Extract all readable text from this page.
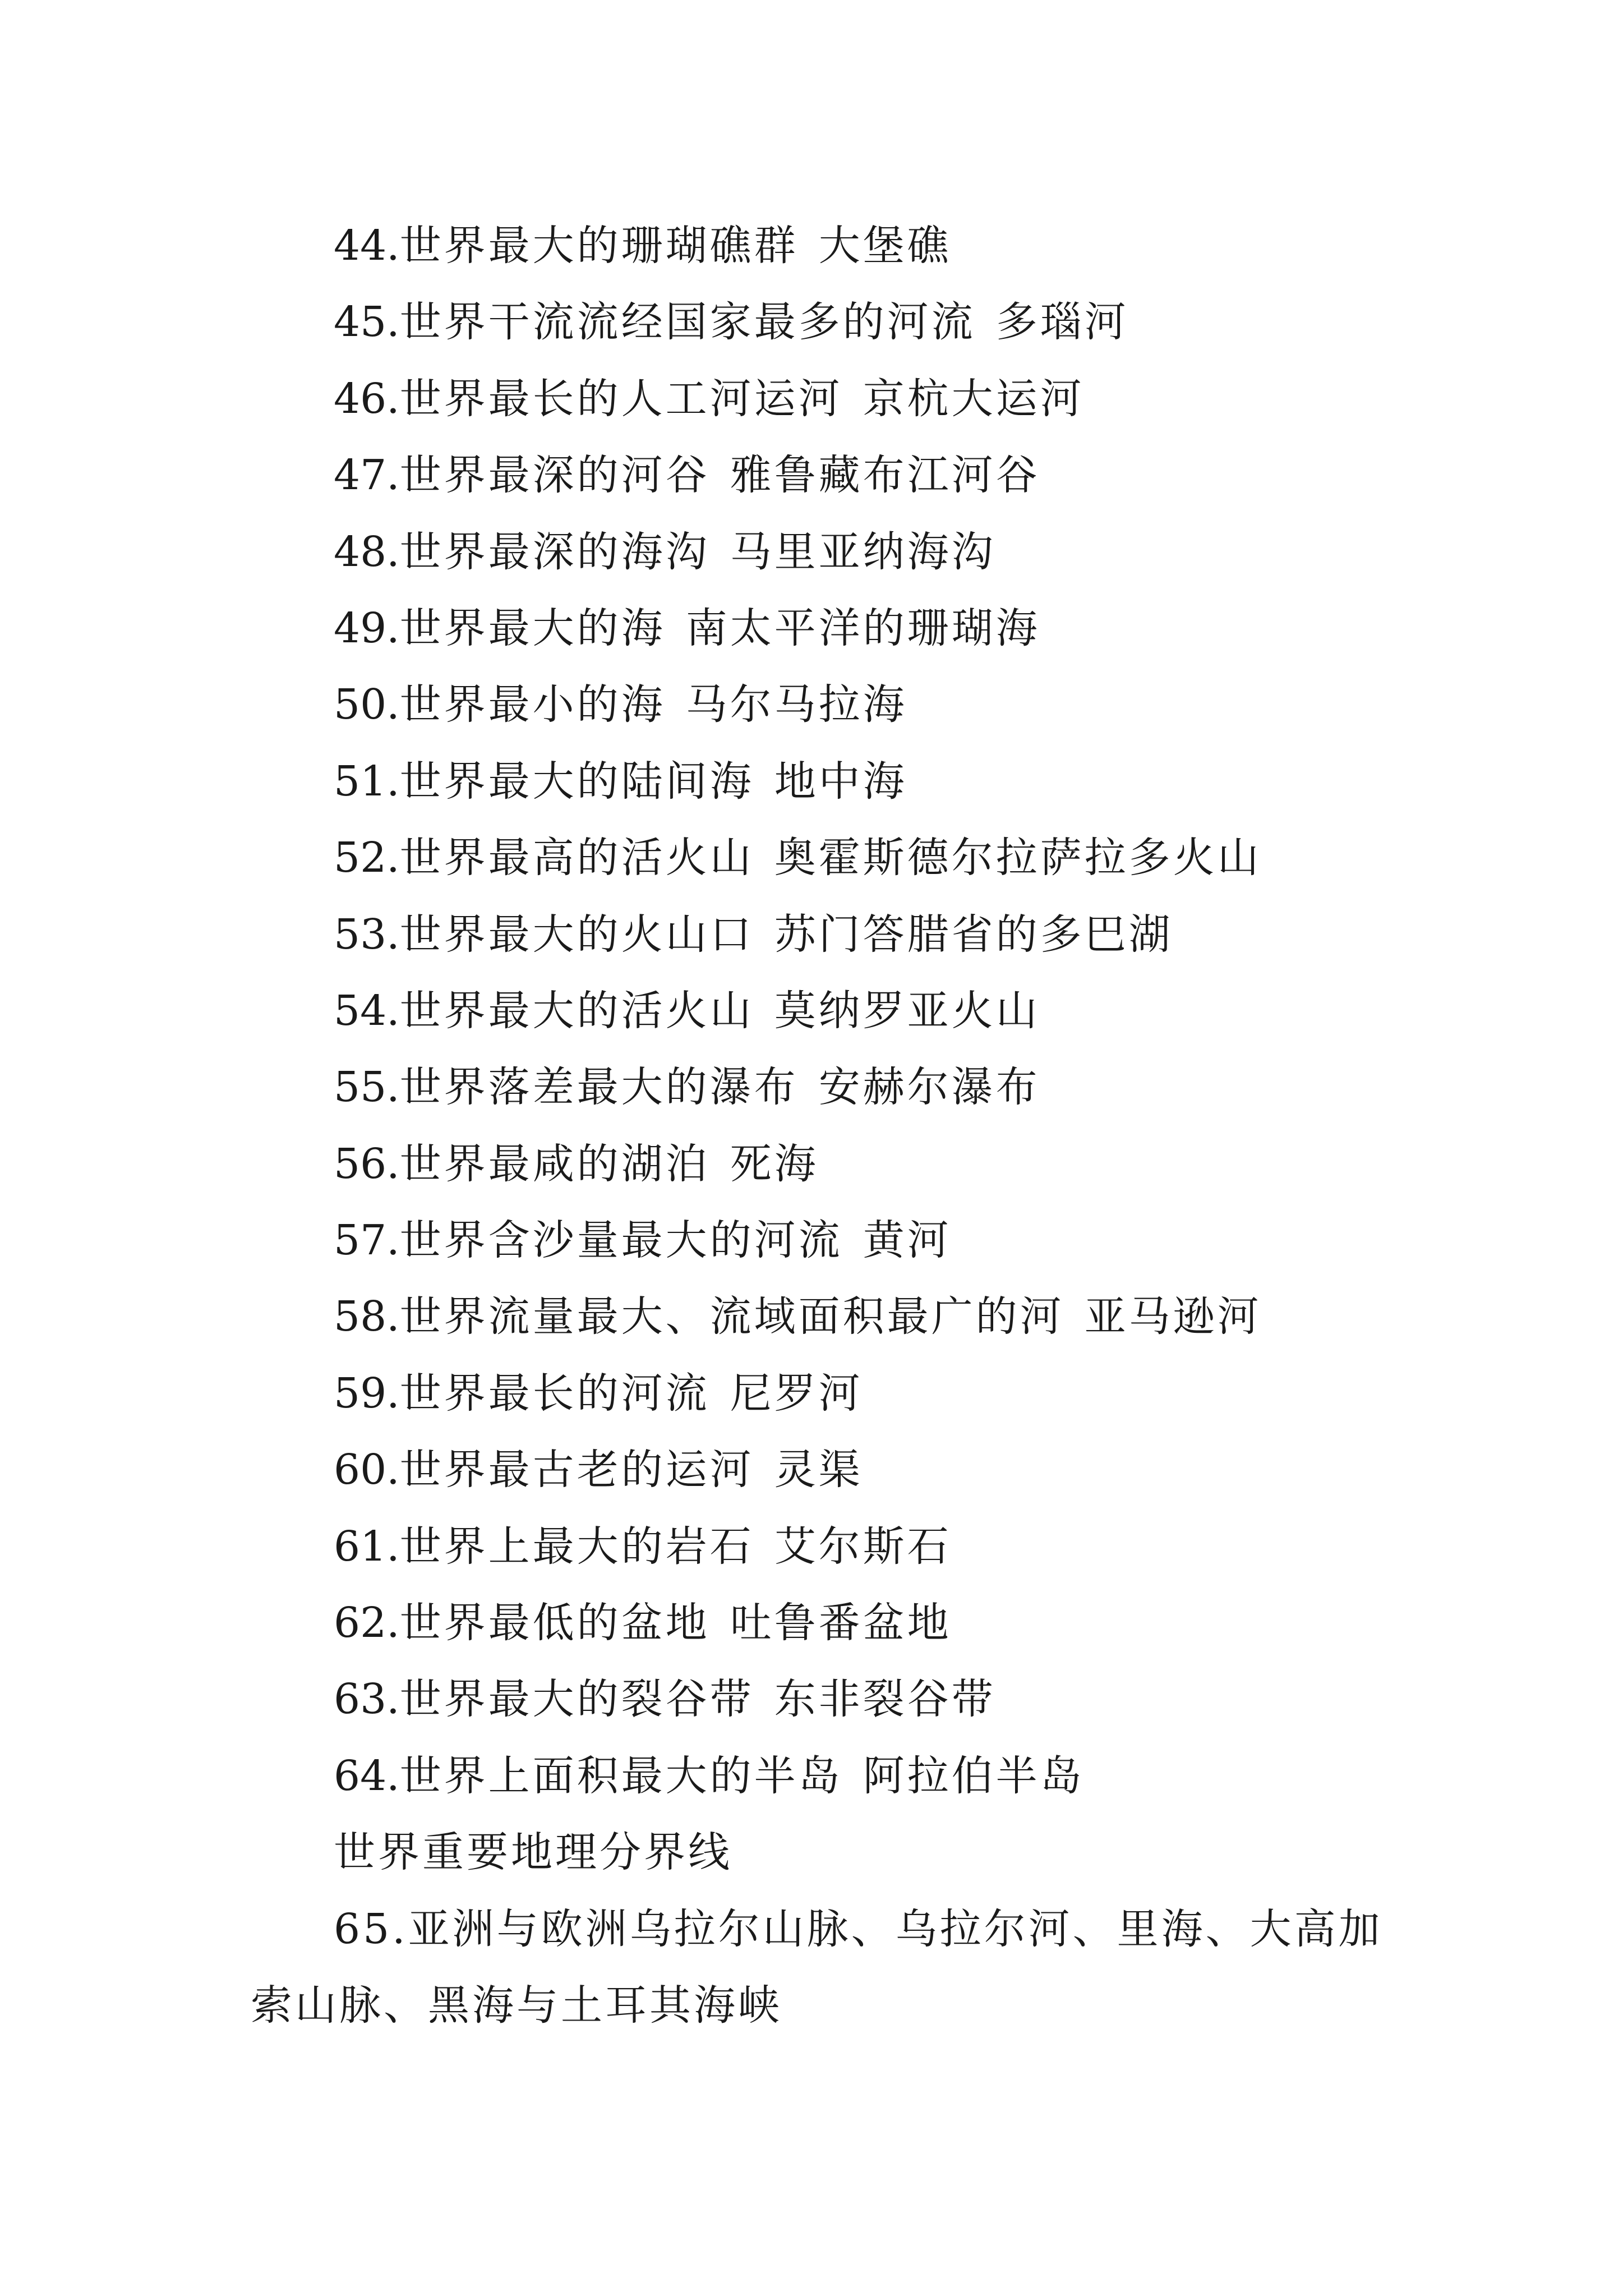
44.世界最大的珊瑚礁群 大堡礁
45.世界干流流经国家最多的河流 多瑙河
46.世界最长的人工河运河 京杭大运河
47.世界最深的河谷 雅鲁藏布江河谷
48.世界最深的海沟 马里亚纳海沟
49.世界最大的海 南太平洋的珊瑚海
50.世界最小的海 马尔马拉海
51.世界最大的陆间海 地中海
52.世界最高的活火山 奥霍斯德尔拉萨拉多火山
53.世界最大的火山口 苏门答腊省的多巴湖
54.世界最大的活火山 莫纳罗亚火山
55.世界落差最大的瀑布 安赫尔瀑布
56.世界最咸的湖泊 死海
57.世界含沙量最大的河流 黄河
58.世界流量最大、流域面积最广的河 亚马逊河
59.世界最长的河流 尼罗河
60.世界最古老的运河 灵渠
61.世界上最大的岩石 艾尔斯石
62.世界最低的盆地 吐鲁番盆地
63.世界最大的裂谷带 东非裂谷带
64.世界上面积最大的半岛 阿拉伯半岛
世界重要地理分界线
65.亚洲与欧洲乌拉尔山脉、乌拉尔河、里海、大高加索山脉、黑海与土耳其海峡
